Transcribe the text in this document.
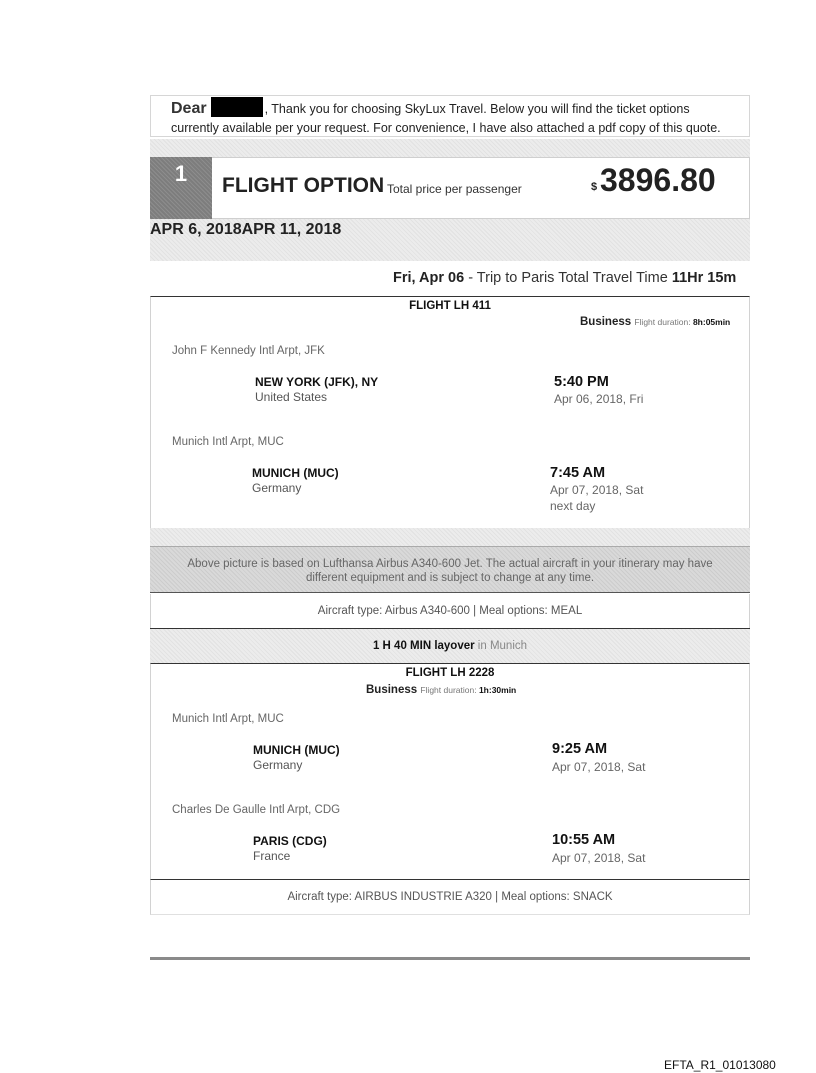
Dear	, Thank you for choosing SkyLux Travel. Below you will find the ticket options
currently available per your request. For convenience, I have also attached a pdf copy of this quote.
1	FLIGHT OPTION Total price per passenger	$ 3896.80
APR 6, 2018APR 11, 2018
Fri, Apr 06 - Trip to Paris Total Travel Time 11Hr 15m
FLIGHT LH 411
Business Flight duration: 8h:05min
John F Kennedy Intl Arpt, JFK
NEW YORK (JFK), NY
United States
5:40 PM
Apr 06, 2018, Fri
Munich Intl Arpt, MUC
MUNICH (MUC)
Germany
7:45 AM
Apr 07, 2018, Sat
next day
Above picture is based on Lufthansa Airbus A340-600 Jet. The actual aircraft in your itinerary may have
different equipment and is subject to change at any time.
Aircraft type: Airbus A340-600 | Meal options: MEAL
1 H 40 MIN layover in Munich
FLIGHT LH 2228
Business Flight duration: 1h:30min
Munich Intl Arpt, MUC
MUNICH (MUC)
Germany
9:25 AM
Apr 07, 2018, Sat
Charles De Gaulle Intl Arpt, CDG
PARIS (CDG)
France
10:55 AM
Apr 07, 2018, Sat
Aircraft type: AIRBUS INDUSTRIE A320 | Meal options: SNACK
EFTA_R1_01013080
